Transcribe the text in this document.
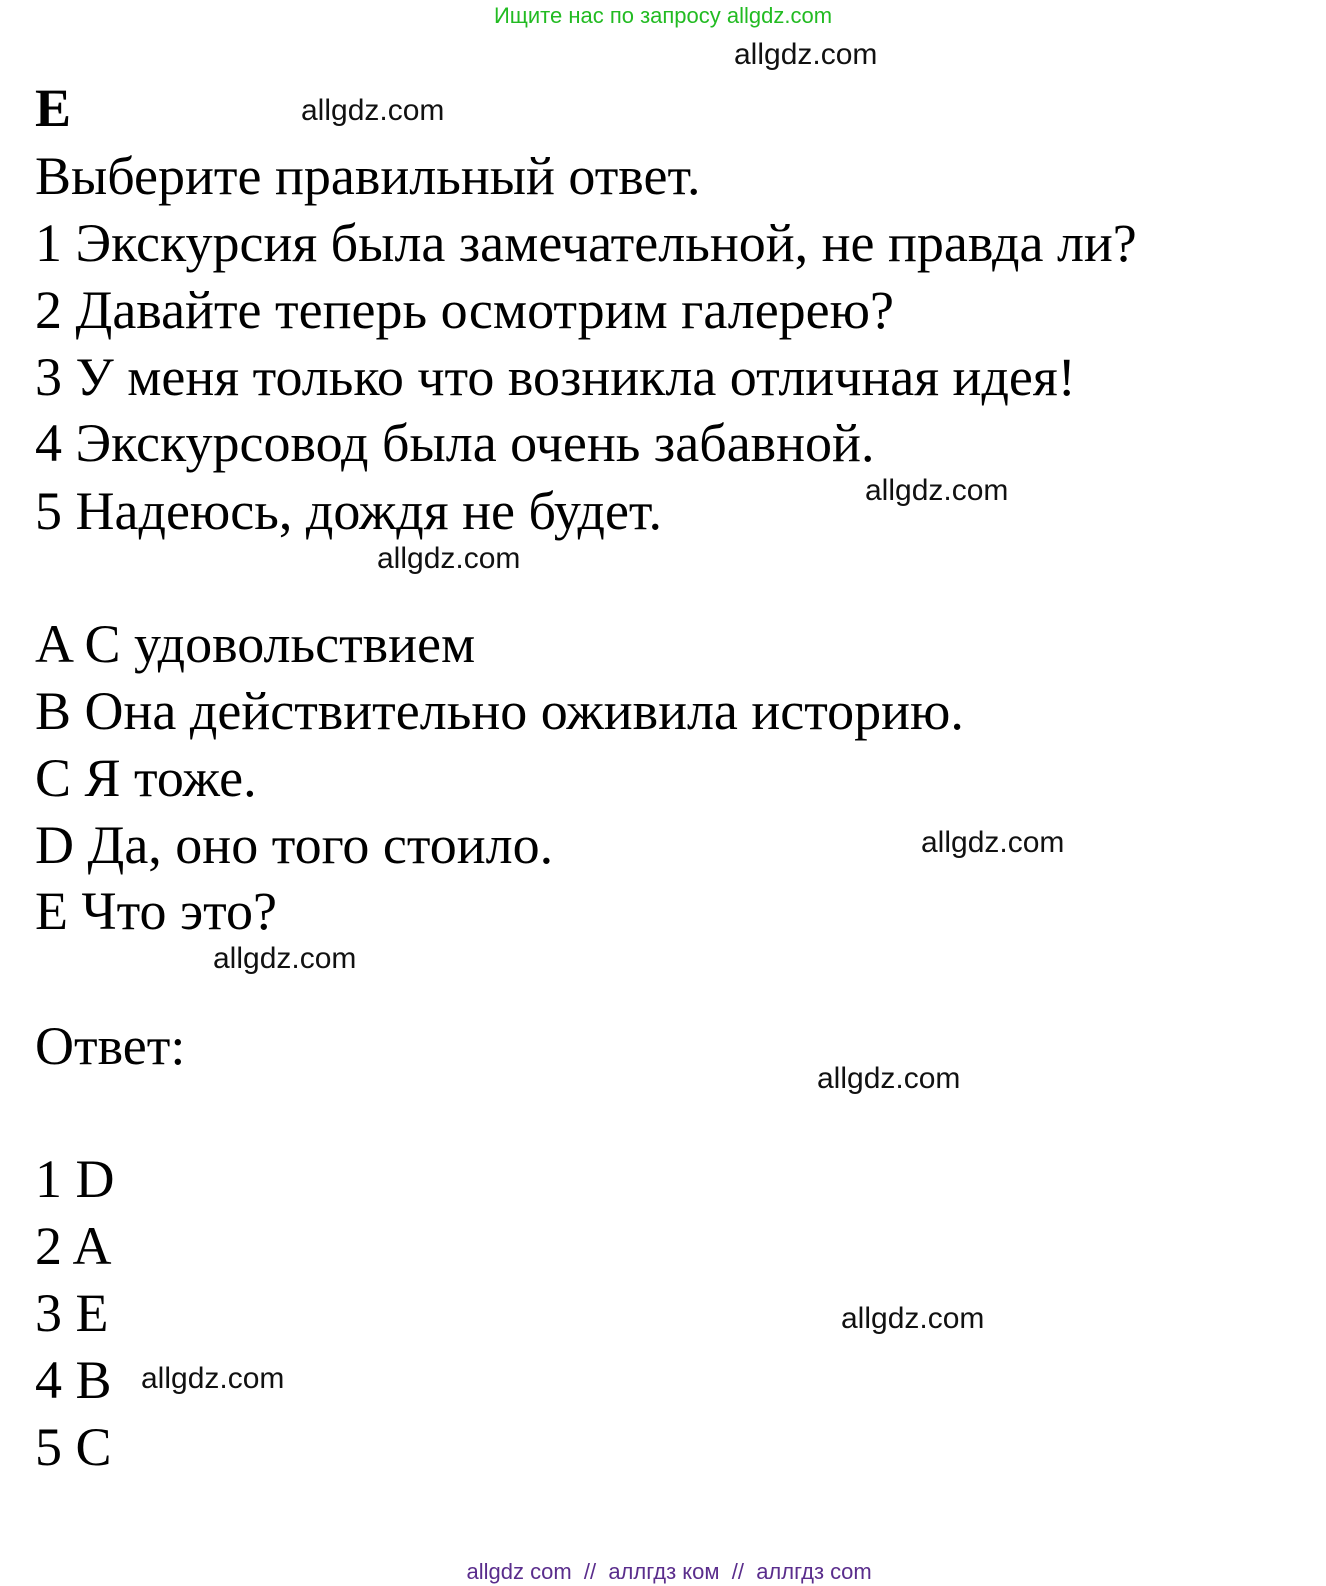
Ищите нас по запросу allgdz.com
allgdz.com
E	allgdz.com
Выберите правильный ответ.
1 Экскурсия была замечательной, не правда ли?
2 Давайте теперь осмотрим галерею?
3 У меня только что возникла отличная идея!
4 Экскурсовод была очень забавной.
5 Надеюсь, дождя не будет.	allgdz.com
allgdz.com
A С удовольствием
B Она действительно оживила историю.
C Я тоже.
D Да, оно того стоило.	allgdz.com
E Что это?
allgdz.com
Ответ:
allgdz.com
1 D
2 A
3 E	allgdz.com
4 B allgdz.com
5 C

allgdz com  //  аллгдз ком  //  аллгдз com
